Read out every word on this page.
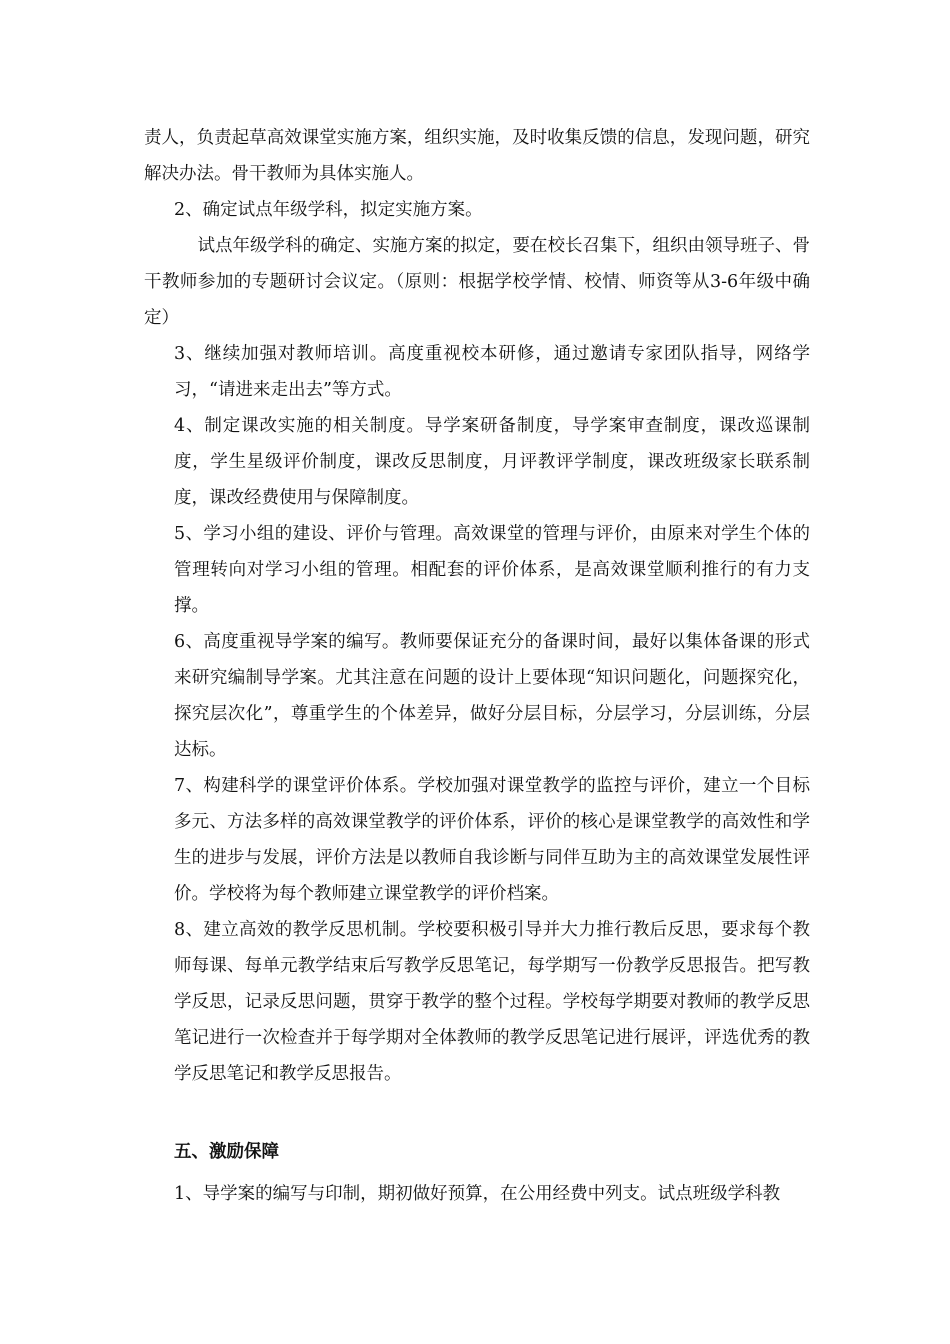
责人，负责起草高效课堂实施方案，组织实施，及时收集反馈的信息，发现问题，研究解决办法。骨干教师为具体实施人。

2、确定试点年级学科，拟定实施方案。

　试点年级学科的确定、实施方案的拟定，要在校长召集下，组织由领导班子、骨干教师参加的专题研讨会议定。（原则：根据学校学情、校情、师资等从3-6年级中确定）

3、继续加强对教师培训。高度重视校本研修，通过邀请专家团队指导，网络学习，“请进来走出去”等方式。

4、制定课改实施的相关制度。导学案研备制度，导学案审查制度，课改巡课制度，学生星级评价制度，课改反思制度，月评教评学制度，课改班级家长联系制度，课改经费使用与保障制度。

5、学习小组的建设、评价与管理。高效课堂的管理与评价，由原来对学生个体的管理转向对学习小组的管理。相配套的评价体系，是高效课堂顺利推行的有力支撑。

6、高度重视导学案的编写。教师要保证充分的备课时间，最好以集体备课的形式来研究编制导学案。尤其注意在问题的设计上要体现“知识问题化，问题探究化，探究层次化”，尊重学生的个体差异，做好分层目标，分层学习，分层训练，分层达标。

7、构建科学的课堂评价体系。学校加强对课堂教学的监控与评价，建立一个目标多元、方法多样的高效课堂教学的评价体系，评价的核心是课堂教学的高效性和学生的进步与发展，评价方法是以教师自我诊断与同伴互助为主的高效课堂发展性评价。学校将为每个教师建立课堂教学的评价档案。

8、建立高效的教学反思机制。学校要积极引导并大力推行教后反思，要求每个教师每课、每单元教学结束后写教学反思笔记，每学期写一份教学反思报告。把写教学反思，记录反思问题，贯穿于教学的整个过程。学校每学期要对教师的教学反思笔记进行一次检查并于每学期对全体教师的教学反思笔记进行展评，评选优秀的教学反思笔记和教学反思报告。

五、激励保障

1、导学案的编写与印制，期初做好预算，在公用经费中列支。试点班级学科教
